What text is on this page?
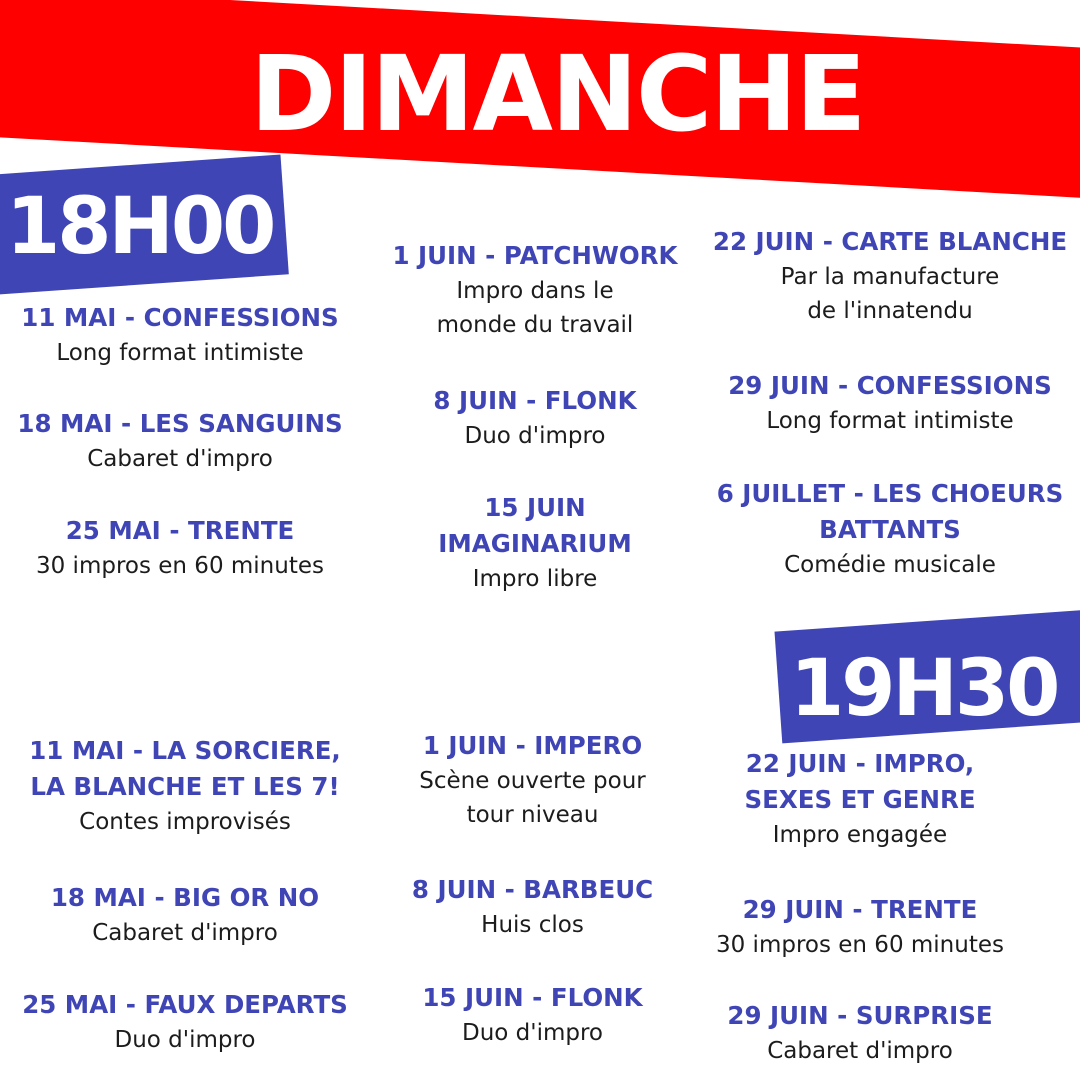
DIMANCHE
18H00
19H30
11 MAI - CONFESSIONS
Long format intimiste
18 MAI - LES SANGUINS
Cabaret d'impro
25 MAI - TRENTE
30 impros en 60 minutes
1 JUIN - PATCHWORK
Impro dans le
monde du travail
8 JUIN - FLONK
Duo d'impro
15 JUIN
IMAGINARIUM
Impro libre
22 JUIN - CARTE BLANCHE
Par la manufacture
de l'innatendu
29 JUIN - CONFESSIONS
Long format intimiste
6 JUILLET - LES CHOEURS
BATTANTS
Comédie musicale
11 MAI - LA SORCIERE,
LA BLANCHE ET LES 7!
Contes improvisés
18 MAI - BIG OR NO
Cabaret d'impro
25 MAI - FAUX DEPARTS
Duo d'impro
1 JUIN - IMPERO
Scène ouverte pour
tour niveau
8 JUIN - BARBEUC
Huis clos
15 JUIN - FLONK
Duo d'impro
22 JUIN - IMPRO,
SEXES ET GENRE
Impro engagée
29 JUIN - TRENTE
30 impros en 60 minutes
29 JUIN - SURPRISE
Cabaret d'impro
